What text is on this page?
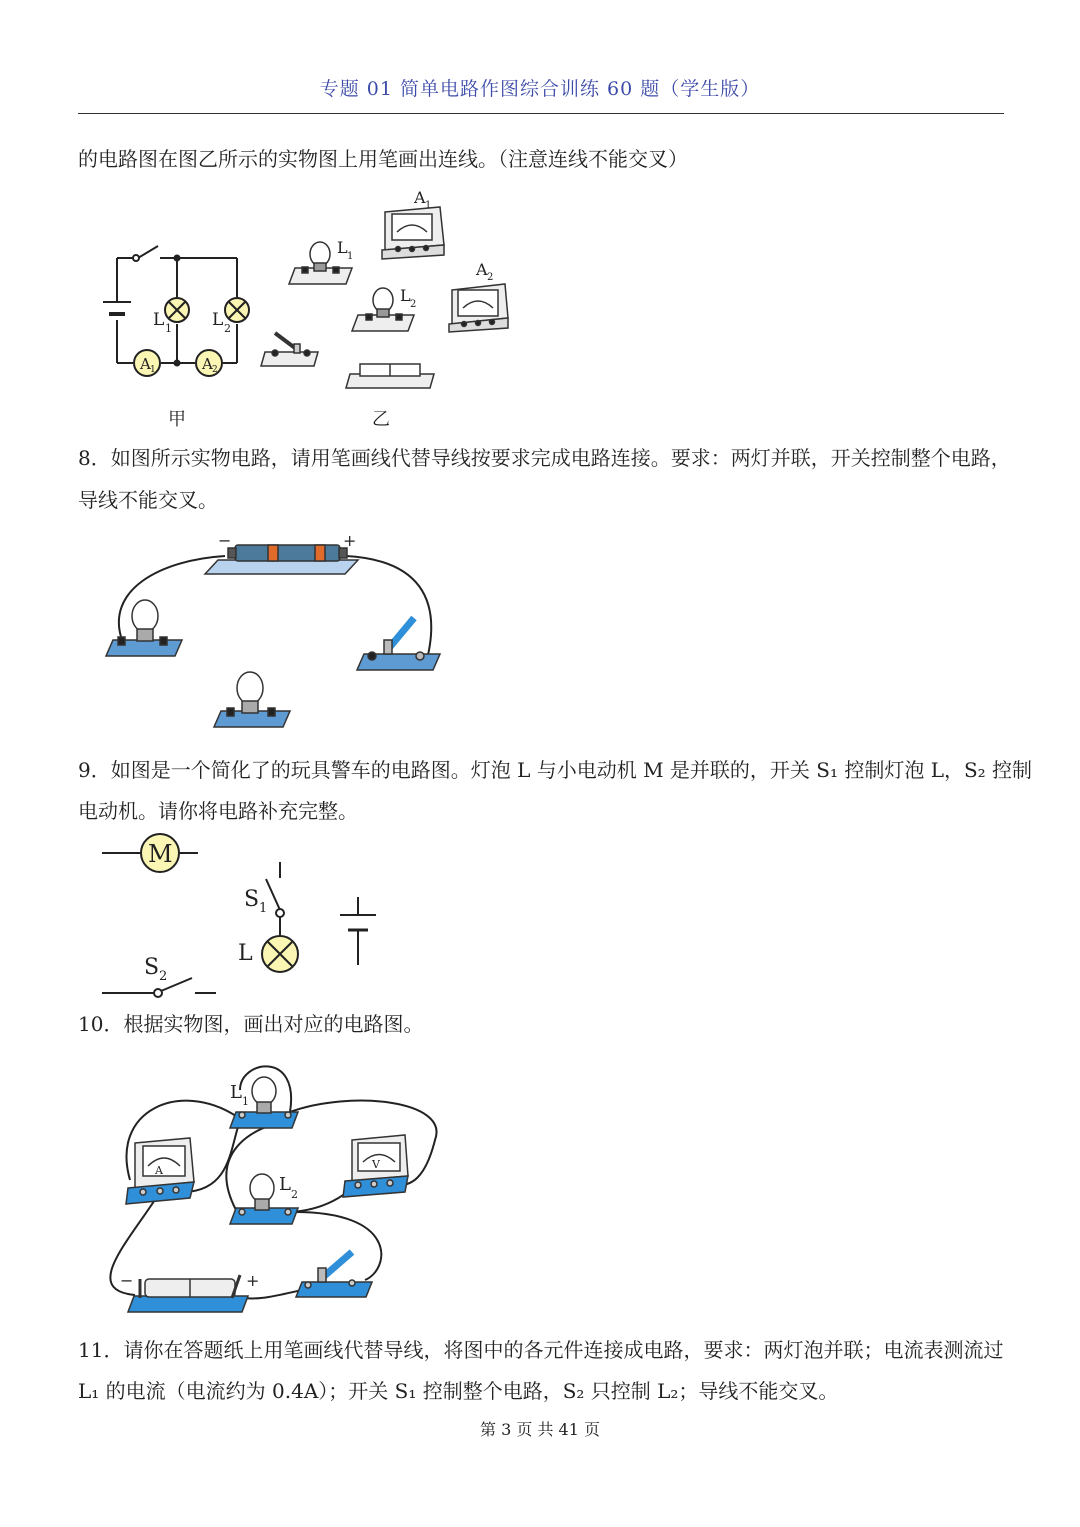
专题 01 简单电路作图综合训练 60 题（学生版）
的电路图在图乙所示的实物图上用笔画出连线。（注意连线不能交叉）
L 1 L 2
A 1	A 2
甲
L 1
A 1
A 2
L 2
乙
8．如图所示实物电路，请用笔画线代替导线按要求完成电路连接。要求：两灯并联，开关控制整个电路，
导线不能交叉。
−	+
9．如图是一个简化了的玩具警车的电路图。灯泡 L 与小电动机 M 是并联的，开关 S₁ 控制灯泡 L，S₂ 控制
电动机。请你将电路补充完整。
M
S 1
L
S 2
10．根据实物图，画出对应的电路图。
A	V
L 1
L 2
−	+
11．请你在答题纸上用笔画线代替导线，将图中的各元件连接成电路，要求：两灯泡并联；电流表测流过
L₁ 的电流（电流约为 0.4A）；开关 S₁ 控制整个电路，S₂ 只控制 L₂；导线不能交叉。
第 3 页 共 41 页
